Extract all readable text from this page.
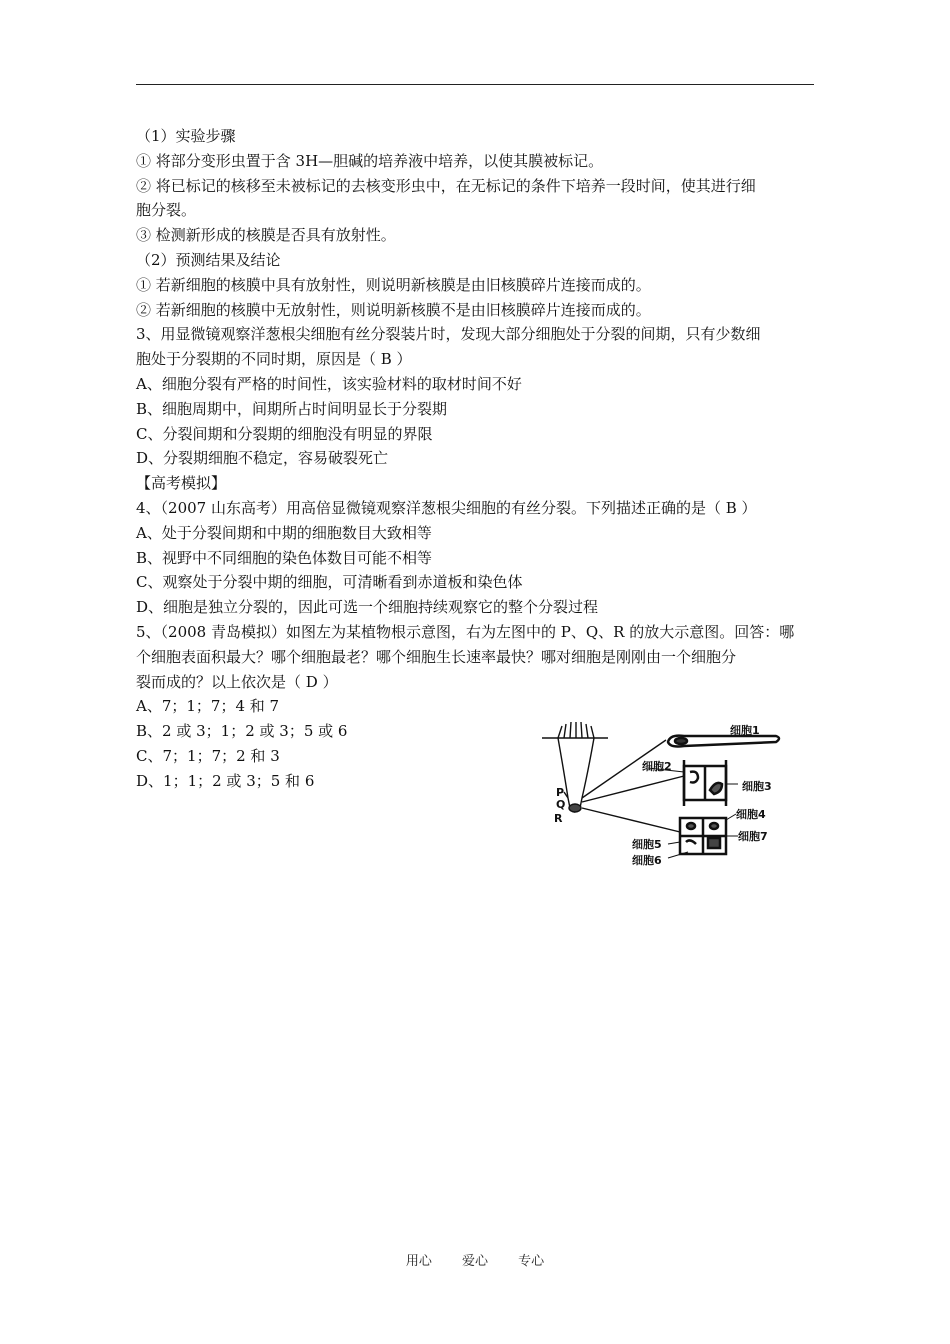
（1）实验步骤
① 将部分变形虫置于含 3H—胆碱的培养液中培养，以使其膜被标记。
② 将已标记的核移至未被标记的去核变形虫中，在无标记的条件下培养一段时间，使其进行细
胞分裂。
③ 检测新形成的核膜是否具有放射性。
（2）预测结果及结论
① 若新细胞的核膜中具有放射性，则说明新核膜是由旧核膜碎片连接而成的。
② 若新细胞的核膜中无放射性，则说明新核膜不是由旧核膜碎片连接而成的。
3、用显微镜观察洋葱根尖细胞有丝分裂装片时，发现大部分细胞处于分裂的间期，只有少数细
胞处于分裂期的不同时期，原因是（ B ）
A、细胞分裂有严格的时间性，该实验材料的取材时间不好
B、细胞周期中，间期所占时间明显长于分裂期
C、分裂间期和分裂期的细胞没有明显的界限
D、分裂期细胞不稳定，容易破裂死亡
【高考模拟】
4、（2007 山东高考）用高倍显微镜观察洋葱根尖细胞的有丝分裂。下列描述正确的是（ B ）
A、处于分裂间期和中期的细胞数目大致相等
B、视野中不同细胞的染色体数目可能不相等
C、观察处于分裂中期的细胞，可清晰看到赤道板和染色体
D、细胞是独立分裂的，因此可选一个细胞持续观察它的整个分裂过程
5、（2008 青岛模拟）如图左为某植物根示意图，右为左图中的 P、Q、R 的放大示意图。回答：哪
个细胞表面积最大？哪个细胞最老？哪个细胞生长速率最快？哪对细胞是刚刚由一个细胞分
裂而成的？以上依次是（ D ）
A、7；1；7；4 和 7
B、2 或 3；1；2 或 3；5 或 6
C、7；1；7；2 和 3
D、1；1；2 或 3；5 和 6
细胞1
细胞2
细胞3
细胞4
细胞5
细胞6
细胞7
P
Q
R
用心 爱心 专心
